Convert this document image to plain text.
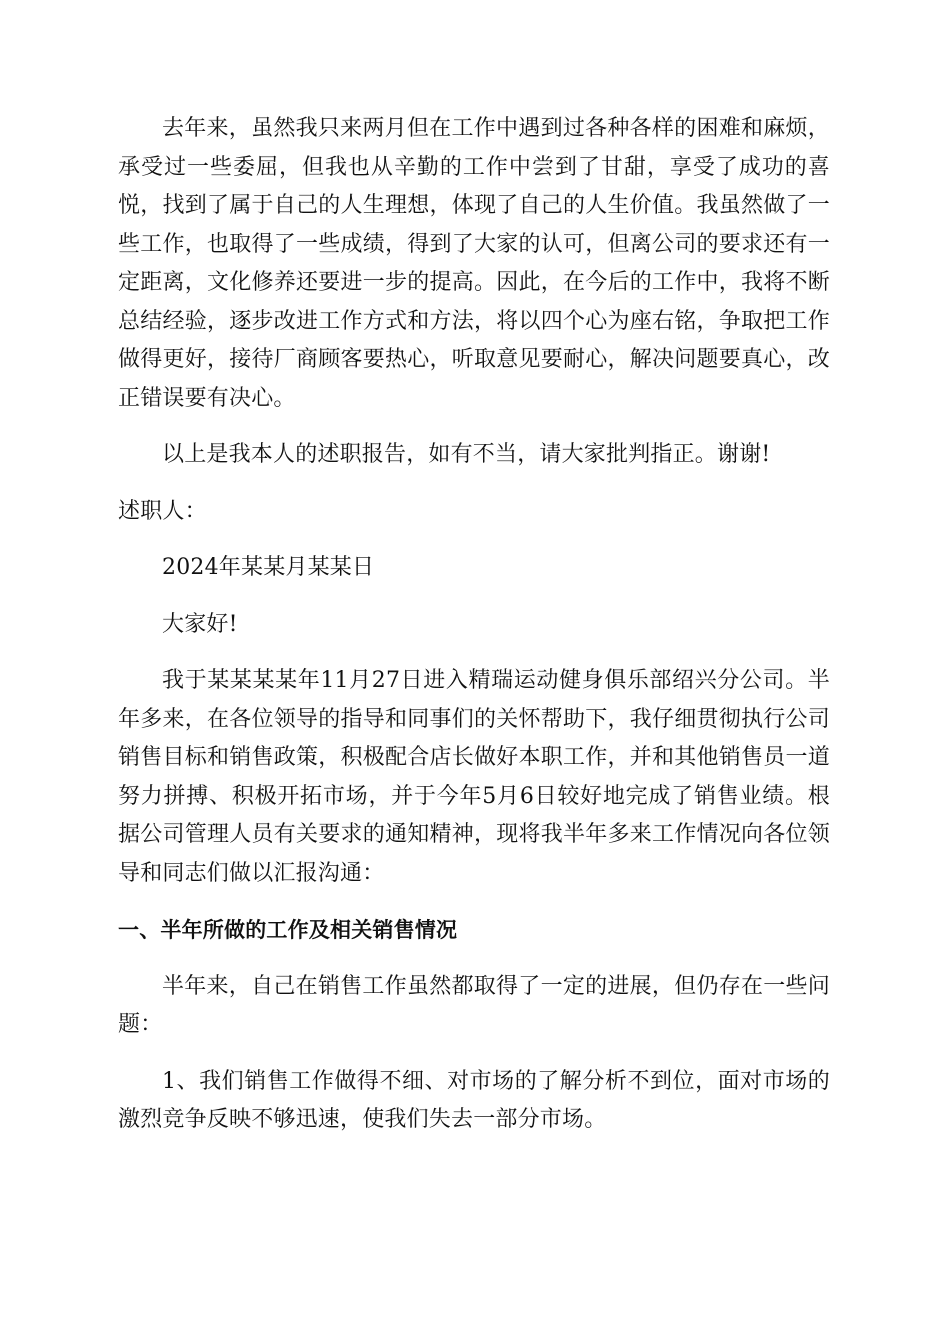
去年来，虽然我只来两月但在工作中遇到过各种各样的困难和麻烦，承受过一些委屈，但我也从辛勤的工作中尝到了甘甜，享受了成功的喜悦，找到了属于自己的人生理想，体现了自己的人生价值。我虽然做了一些工作，也取得了一些成绩，得到了大家的认可，但离公司的要求还有一定距离，文化修养还要进一步的提高。因此，在今后的工作中，我将不断总结经验，逐步改进工作方式和方法，将以四个心为座右铭，争取把工作做得更好，接待厂商顾客要热心，听取意见要耐心，解决问题要真心，改正错误要有决心。

以上是我本人的述职报告，如有不当，请大家批判指正。谢谢!

述职人：

2024年某某月某某日

大家好!

我于某某某某年11月27日进入精瑞运动健身俱乐部绍兴分公司。半年多来，在各位领导的指导和同事们的关怀帮助下，我仔细贯彻执行公司销售目标和销售政策，积极配合店长做好本职工作，并和其他销售员一道努力拼搏、积极开拓市场，并于今年5月6日较好地完成了销售业绩。根据公司管理人员有关要求的通知精神，现将我半年多来工作情况向各位领导和同志们做以汇报沟通：

一、半年所做的工作及相关销售情况

半年来，自己在销售工作虽然都取得了一定的进展，但仍存在一些问题：

1、我们销售工作做得不细、对市场的了解分析不到位，面对市场的激烈竞争反映不够迅速，使我们失去一部分市场。
